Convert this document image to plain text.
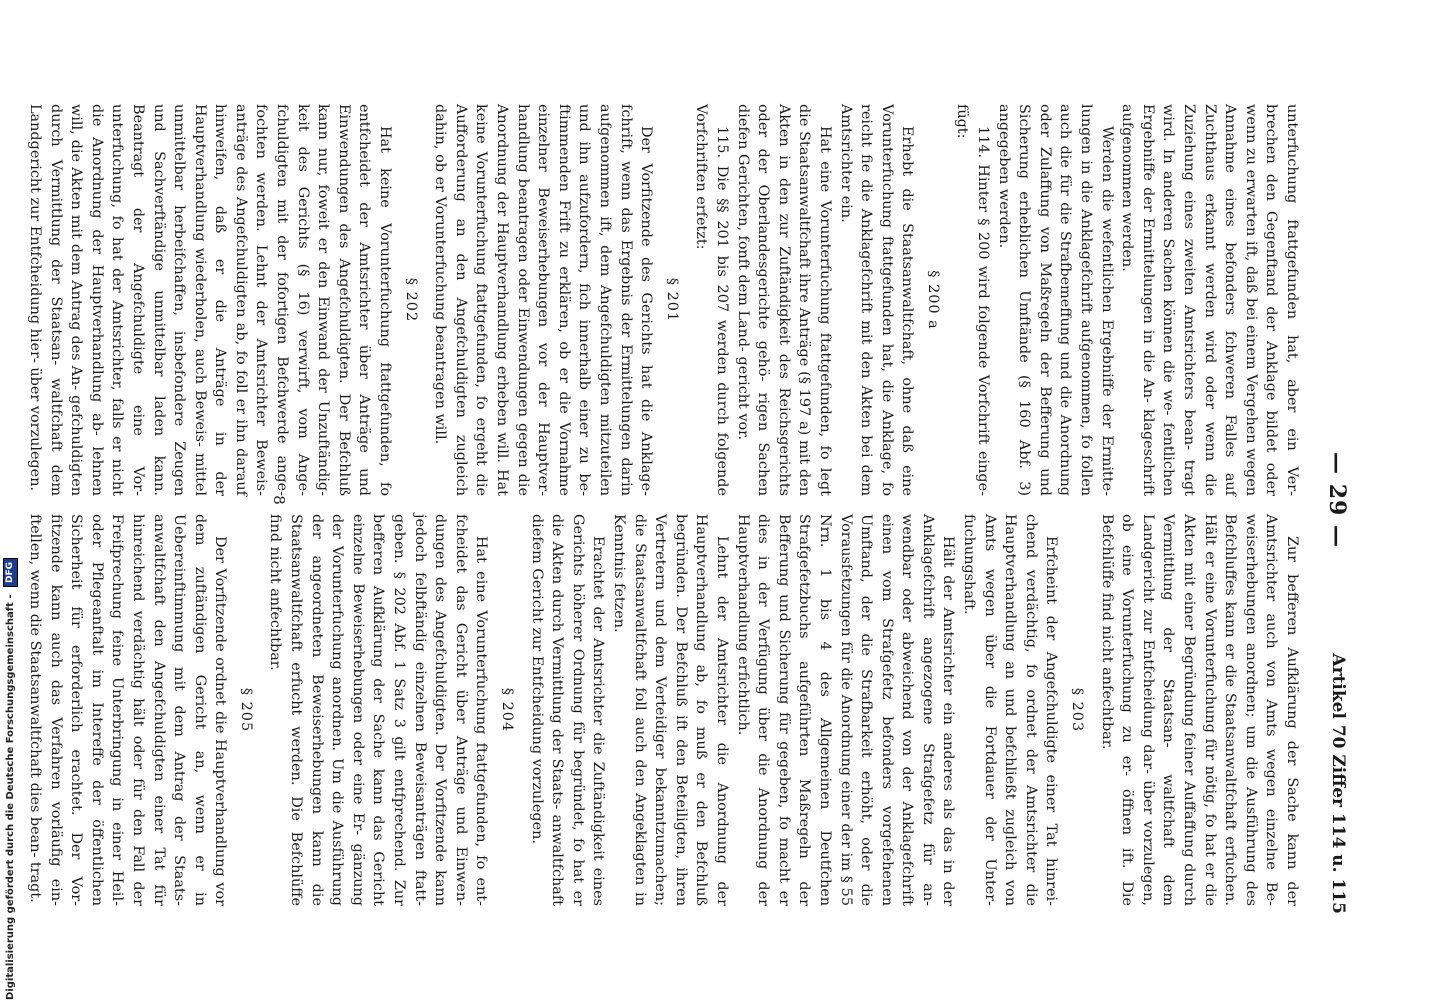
— 29 —
Artikel 70 Ziffer 114 u. 115

unterfuchung ftattgefunden hat, aber ein Ver- brechen den Gegenftand der Anklage bildet oder wenn zu erwarten ift, daß bei einem Vergehen wegen Annahme eines befonders fchweren Falles auf Zuchthaus erkannt werden wird oder wenn die Zuziehung eines zweiten Amtsrichters bean- tragt wird. In anderen Sachen können die we- fentlichen Ergebniffe der Ermittelungen in die An- klageschrift aufgenommen werden.

Werden die wefentlichen Ergebniffe der Ermitte- lungen in die Anklagefchrift aufgenommen, fo follen auch die für die Strafbemeffung und die Anordnung oder Zulaffung von Maßregeln der Befferung und Sicherung erheblichen Umftände (§ 160 Abf. 3) angegeben werden.

114. Hinter § 200 wird folgende Vorfchrift einge- fügt:

§ 200 a

Erhebt die Staatsanwaltfchaft, ohne daß eine Vorunterfuchung ftattgefunden hat, die Anklage, fo reicht fie die Anklagefchrift mit den Akten bei dem Amtsrichter ein.

Hat eine Vorunterfuchung ftattgefunden, fo legt die Staatsanwaltfchaft ihre Anträge (§ 197 a) mit den Akten in den zur Zuftändigkeit des Reichsgerichts oder der Oberlandesgerichte gehö- rigen Sachen diefen Gerichten, fonft dem Land- gericht vor.

115. Die §§ 201 bis 207 werden durch folgende Vorfchriften erfetzt:

§ 201

Der Vorfitzende des Gerichts hat die Anklage- fchrift, wenn das Ergebnis der Ermittelungen darin aufgenommen ift, dem Angefchuldigten mitzuteilen und ihn aufzufordern, fich innerhalb einer zu be- ftimmenden Frift zu erklären, ob er die Vornahme einzelner Beweiserhebungen vor der Hauptver- handlung beantragen oder Einwendungen gegen die Anordnung der Hauptverhandlung erheben will. Hat keine Vorunterfuchung ftattgefunden, fo ergeht die Aufforderung an den Angefchuldigten zugleich dahin, ob er Vorunterfuchung beantragen will.

§ 202

Hat keine Vorunterfuchung ftattgefunden, fo entfcheidet der Amtsrichter über Anträge und Einwendungen des Angefchuldigten. Der Befchluß kann nur, foweit er den Einwand der Unzuftändig- keit des Gerichts (§ 16) verwirft, vom Ange- fchuldigten mit der fofortigen Befchwerde ange- fochten werden. Lehnt der Amtsrichter Beweis- anträge des Angefchuldigten ab, fo foll er ihn darauf hinweifen, daß er die Anträge in der Hauptverhandlung wiederholen, auch Beweis- mittel unmittelbar herbeifchaffen, insbefondere Zeugen und Sachverftändige unmittelbar laden kann. Beantragt der Angefchuldigte eine Vor- unterfuchung, fo hat der Amtsrichter, falls er nicht die Anordnung der Hauptverhandlung ab- lehnen will, die Akten mit dem Antrag des An- gefchuldigten durch Vermittlung der Staatsan- waltfchaft dem Landgericht zur Entfcheidung hier- über vorzulegen.

Zur befferen Aufklärung der Sache kann der Amtsrichter auch von Amts wegen einzelne Be- weiserhebungen anordnen; um die Ausführung des Befchluffes kann er die Staatsanwaltfchaft erfuchen. Hält er eine Vorunterfuchung für nötig, fo hat er die Akten mit einer Begründung feiner Auffaffung durch Vermittlung der Staatsan- waltfchaft dem Landgericht zur Entfcheidung dar- über vorzulegen, ob eine Vorunterfuchung zu er- öffnen ift. Die Befchlüffe find nicht anfechtbar.

§ 203

Erfcheint der Angefchuldigte einer Tat hinrei- chend verdächtig, fo ordnet der Amtsrichter die Hauptverhandlung an und befchließt zugleich von Amts wegen über die Fortdauer der Unter- fuchungshaft.

Hält der Amtsrichter ein anderes als das in der Anklagefchrift angezogene Strafgefetz für an- wendbar oder abweichend von der Anklagefchrift einen vom Strafgefetz befonders vorgefehenen Umftand, der die Strafbarkeit erhöht, oder die Vorausfetzungen für die Anordnung einer der im § 55 Nrn. 1 bis 4 des Allgemeinen Deutfchen Strafgefetzbuchs aufgeführten Maßregeln der Befferung und Sicherung für gegeben, fo macht er dies in der Verfügung über die Anordnung der Hauptverhandlung erfichtlich.

Lehnt der Amtsrichter die Anordnung der Hauptverhandlung ab, fo muß er den Befchluß begründen. Der Befchluß ift den Beteiligten, ihren Vertretern und dem Verteidiger bekanntzumachen; die Staatsanwaltfchaft foll auch den Angeklagten in Kenntnis fetzen.

Erachtet der Amtsrichter die Zuftändigkeit eines Gerichts höherer Ordnung für begründet, fo hat er die Akten durch Vermittlung der Staats- anwaltfchaft diefem Gericht zur Entfcheidung vorzulegen.

§ 204

Hat eine Vorunterfuchung ftattgefunden, fo ent- fcheidet das Gericht über Anträge und Einwen- dungen des Angefchuldigten. Der Vorfitzende kann jedoch felbftändig einzelnen Beweisanträgen ftatt- geben. § 202 Abf. 1 Satz 3 gilt entfprechend. Zur befferen Aufklärung der Sache kann das Gericht einzelne Beweiserhebungen oder eine Er- gänzung der Vorunterfuchung anordnen. Um die Ausführung der angeordneten Beweiserhebungen kann die Staatsanwaltfchaft erfucht werden. Die Befchlüffe find nicht anfechtbar.

§ 205

Der Vorfitzende ordnet die Hauptverhandlung vor dem zuftändigen Gericht an, wenn er in Uebereinftimmung mit dem Antrag der Staats- anwaltfchaft den Angefchuldigten einer Tat für hinreichend verdächtig hält oder für den Fall der Freifprechung feine Unterbringung in einer Heil- oder Pflegeanftalt im Intereffe der öffentlichen Sicherheit für erforderlich erachtet. Der Vor- fitzende kann auch das Verfahren vorläufig ein- ftellen, wenn die Staatsanwaltfchaft dies bean- tragt.

8
Digitalisierung gefördert durch die Deutsche Forschungsgemeinschaft - DFG
